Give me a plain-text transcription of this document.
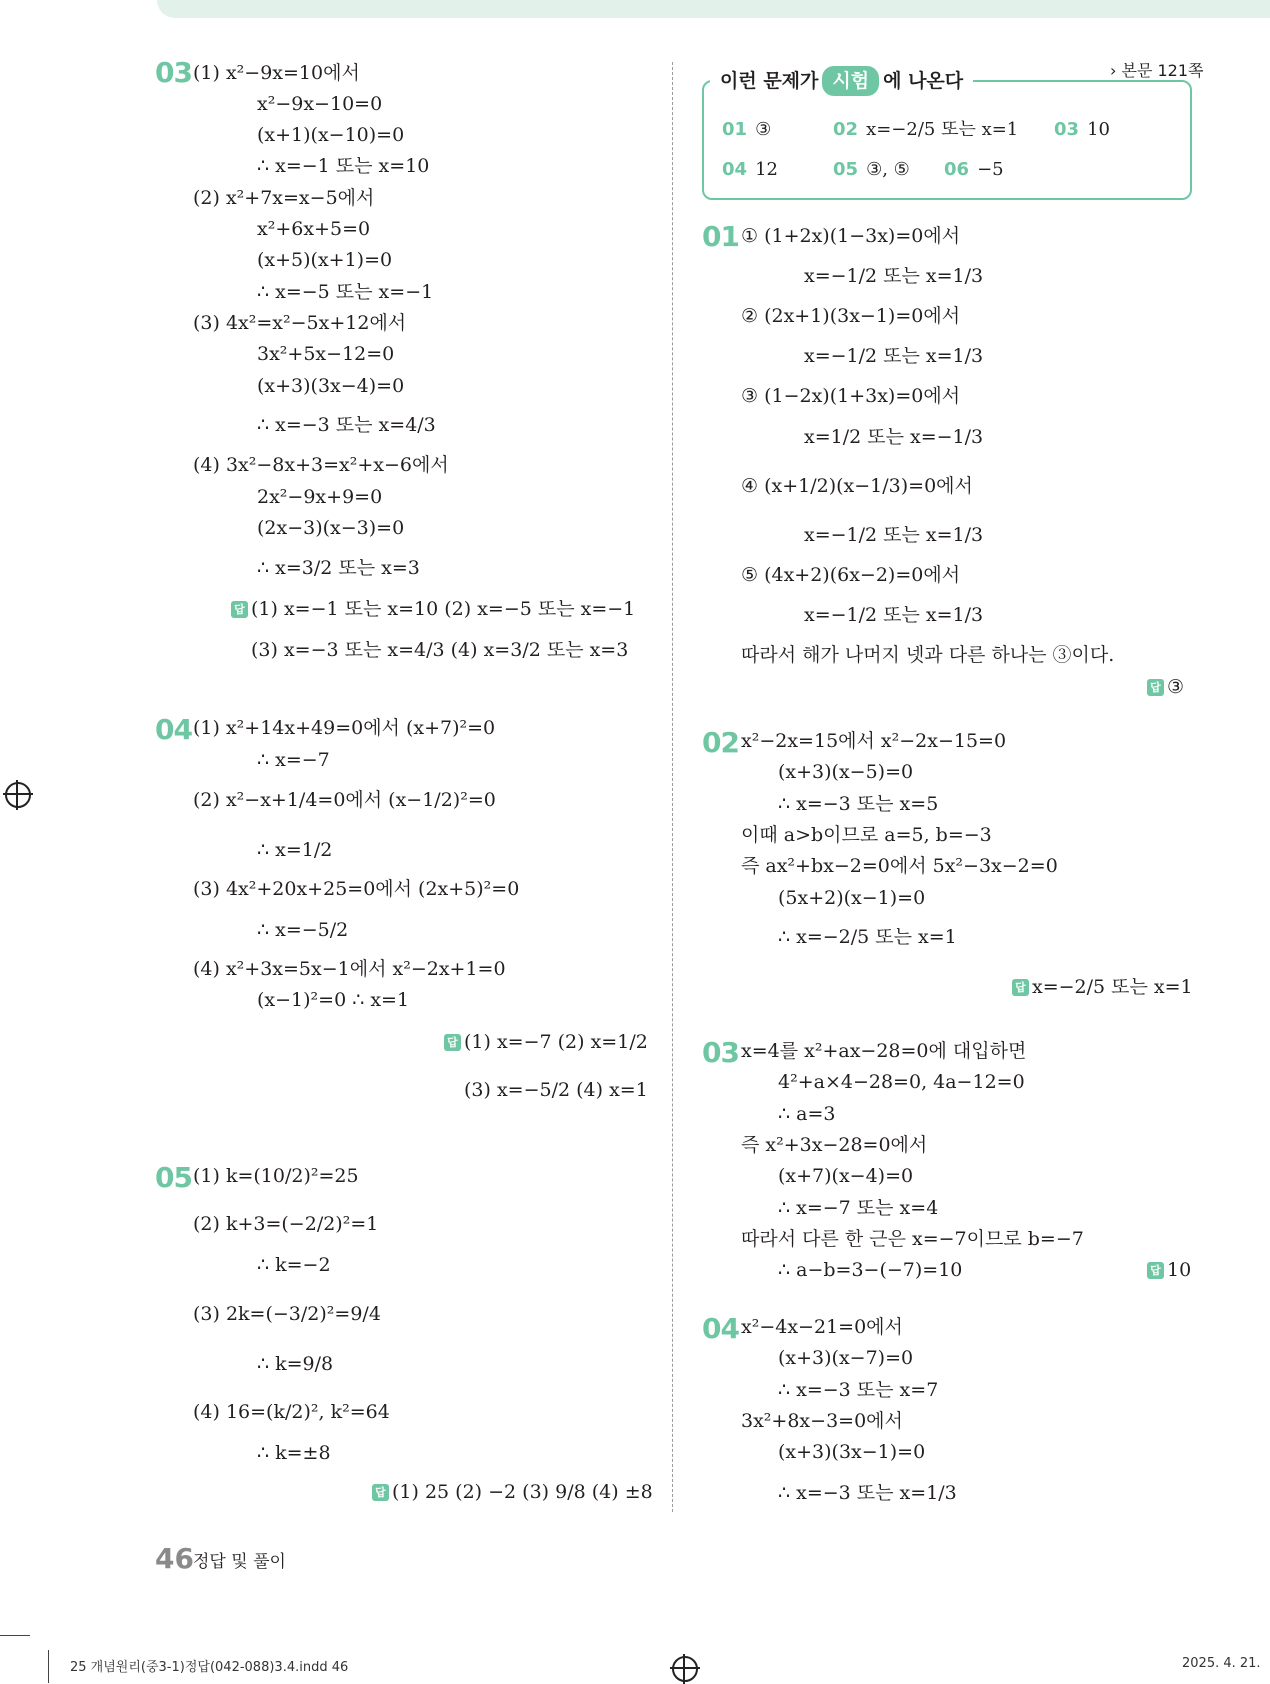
03 (1) x²−9x=10에서
x²−9x−10=0
(x+1)(x−10)=0
∴ x=−1 또는 x=10
(2) x²+7x=x−5에서
x²+6x+5=0
(x+5)(x+1)=0
∴ x=−5 또는 x=−1
(3) 4x²=x²−5x+12에서
3x²+5x−12=0
(x+3)(3x−4)=0
∴ x=−3 또는 x=4/3
(4) 3x²−8x+3=x²+x−6에서
2x²−9x+9=0
(2x−3)(x−3)=0
∴ x=3/2 또는 x=3
답 (1) x=−1 또는 x=10 (2) x=−5 또는 x=−1
(3) x=−3 또는 x=4/3 (4) x=3/2 또는 x=3
04 (1) x²+14x+49=0에서 (x+7)²=0
∴ x=−7
(2) x²−x+1/4=0에서 (x−1/2)²=0
∴ x=1/2
(3) 4x²+20x+25=0에서 (2x+5)²=0
∴ x=−5/2
(4) x²+3x=5x−1에서 x²−2x+1=0
(x−1)²=0 ∴ x=1
답 (1) x=−7 (2) x=1/2
(3) x=−5/2 (4) x=1
05 (1) k=(10/2)²=25
(2) k+3=(−2/2)²=1
∴ k=−2
(3) 2k=(−3/2)²=9/4
∴ k=9/8
(4) 16=(k/2)², k²=64
∴ k=±8
답 (1) 25 (2) −2 (3) 9/8 (4) ±8
이런 문제가 시험 에 나온다	› 본문 121쪽
01 ③	02 x=−2/5 또는 x=1 03 10
04 12	05 ③, ⑤ 06 −5
01 ① (1+2x)(1−3x)=0에서
x=−1/2 또는 x=1/3
② (2x+1)(3x−1)=0에서
x=−1/2 또는 x=1/3
③ (1−2x)(1+3x)=0에서
x=1/2 또는 x=−1/3
④ (x+1/2)(x−1/3)=0에서
x=−1/2 또는 x=1/3
⑤ (4x+2)(6x−2)=0에서
x=−1/2 또는 x=1/3
따라서 해가 나머지 넷과 다른 하나는 ③이다.
답 ③
02 x²−2x=15에서 x²−2x−15=0
(x+3)(x−5)=0
∴ x=−3 또는 x=5
이때 a>b이므로 a=5, b=−3
즉 ax²+bx−2=0에서 5x²−3x−2=0
(5x+2)(x−1)=0
∴ x=−2/5 또는 x=1
답 x=−2/5 또는 x=1
03 x=4를 x²+ax−28=0에 대입하면
4²+a×4−28=0, 4a−12=0
∴ a=3
즉 x²+3x−28=0에서
(x+7)(x−4)=0
∴ x=−7 또는 x=4
따라서 다른 한 근은 x=−7이므로 b=−7
∴ a−b=3−(−7)=10	답 10
04 x²−4x−21=0에서
(x+3)(x−7)=0
∴ x=−3 또는 x=7
3x²+8x−3=0에서
(x+3)(3x−1)=0
∴ x=−3 또는 x=1/3
46 정답 및 풀이
25 개념원리(중3-1)정답(042-088)3.4.indd 46	2025. 4. 21.
